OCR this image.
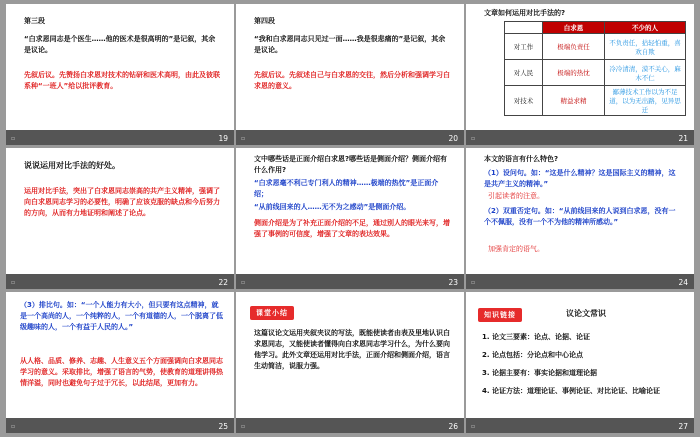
第三段
“白求恩同志是个医生……他的医术是很高明的”是记叙，其余是议论。
先叙后议。先赞扬白求恩对技术的钻研和医术高明，由此及彼联系种“一班人”给以批评教育。
▫	19
第四段
“我和白求恩同志只见过一面……我是很悲痛的”是记叙，其余是议论。
先叙后议。先叙述自己与白求恩的交往，然后分析和强调学习白求恩的意义。
▫	20
文章如何运用对比手法的?
	白求恩	不少的人
对工作	极端负责任	不负责任，拈轻怕重，喜欢自欺
对人民	极端的热忱	冷冷清清，漠不关心，麻木不仁
对技术	精益求精	鄙薄技术工作以为不足道，以为无出路，见异思迁
▫	21
说说运用对比手法的好处。
运用对比手法，突出了白求恩同志崇高的共产主义精神，强调了向白求恩同志学习的必要性，明确了应该克服的缺点和今后努力的方向，从而有力地证明和阐述了论点。
▫	22
文中哪些话是正面介绍白求恩?哪些话是侧面介绍？侧面介绍有什么作用?
“白求恩毫不利己专门利人的精神……极端的热忱”是正面介绍；
“从前线回来的人……无不为之感动”是侧面介绍。
侧面介绍是为了补充正面介绍的不足，通过别人的眼光来写，增强了事例的可信度，增强了文章的表达效果。
▫	23
本文的语言有什么特色?
（1）设问句。如：“这是什么精神？这是国际主义的精神，这是共产主义的精神。”
引起读者的注意。
（2）双重否定句。如：“从前线回来的人说到白求恩，没有一个不佩服，没有一个不为他的精神所感动。”
加强肯定的语气。
▫	24
（3）排比句。如：“一个人能力有大小，但只要有这点精神，就是一个高尚的人，一个纯粹的人，一个有道德的人，一个脱离了低级趣味的人，一个有益于人民的人。”
从人格、品质、修养、志趣、人生意义五个方面强调向白求恩同志学习的意义。采取排比，增强了语言的气势，使教育的道理讲得热情洋溢，同时也避免句子过于冗长，以此结尾，更加有力。
▫	25
课堂小结
这篇议论文运用夹叙夹议的写法，既能使读者由表及里地认识白求恩同志，又能使读者懂得向白求恩同志学习什么，为什么要向他学习。此外文章还运用对比手法，正面介绍和侧面介绍，语言生动简洁，说服力强。
▫	26
知识链接	议论文常识
1. 论文三要素：论点、论据、论证
2. 论点包括：分论点和中心论点
3. 论据主要有：事实论据和道理论据
4. 论证方法：道理论证、事例论证、对比论证、比喻论证
▫	27
